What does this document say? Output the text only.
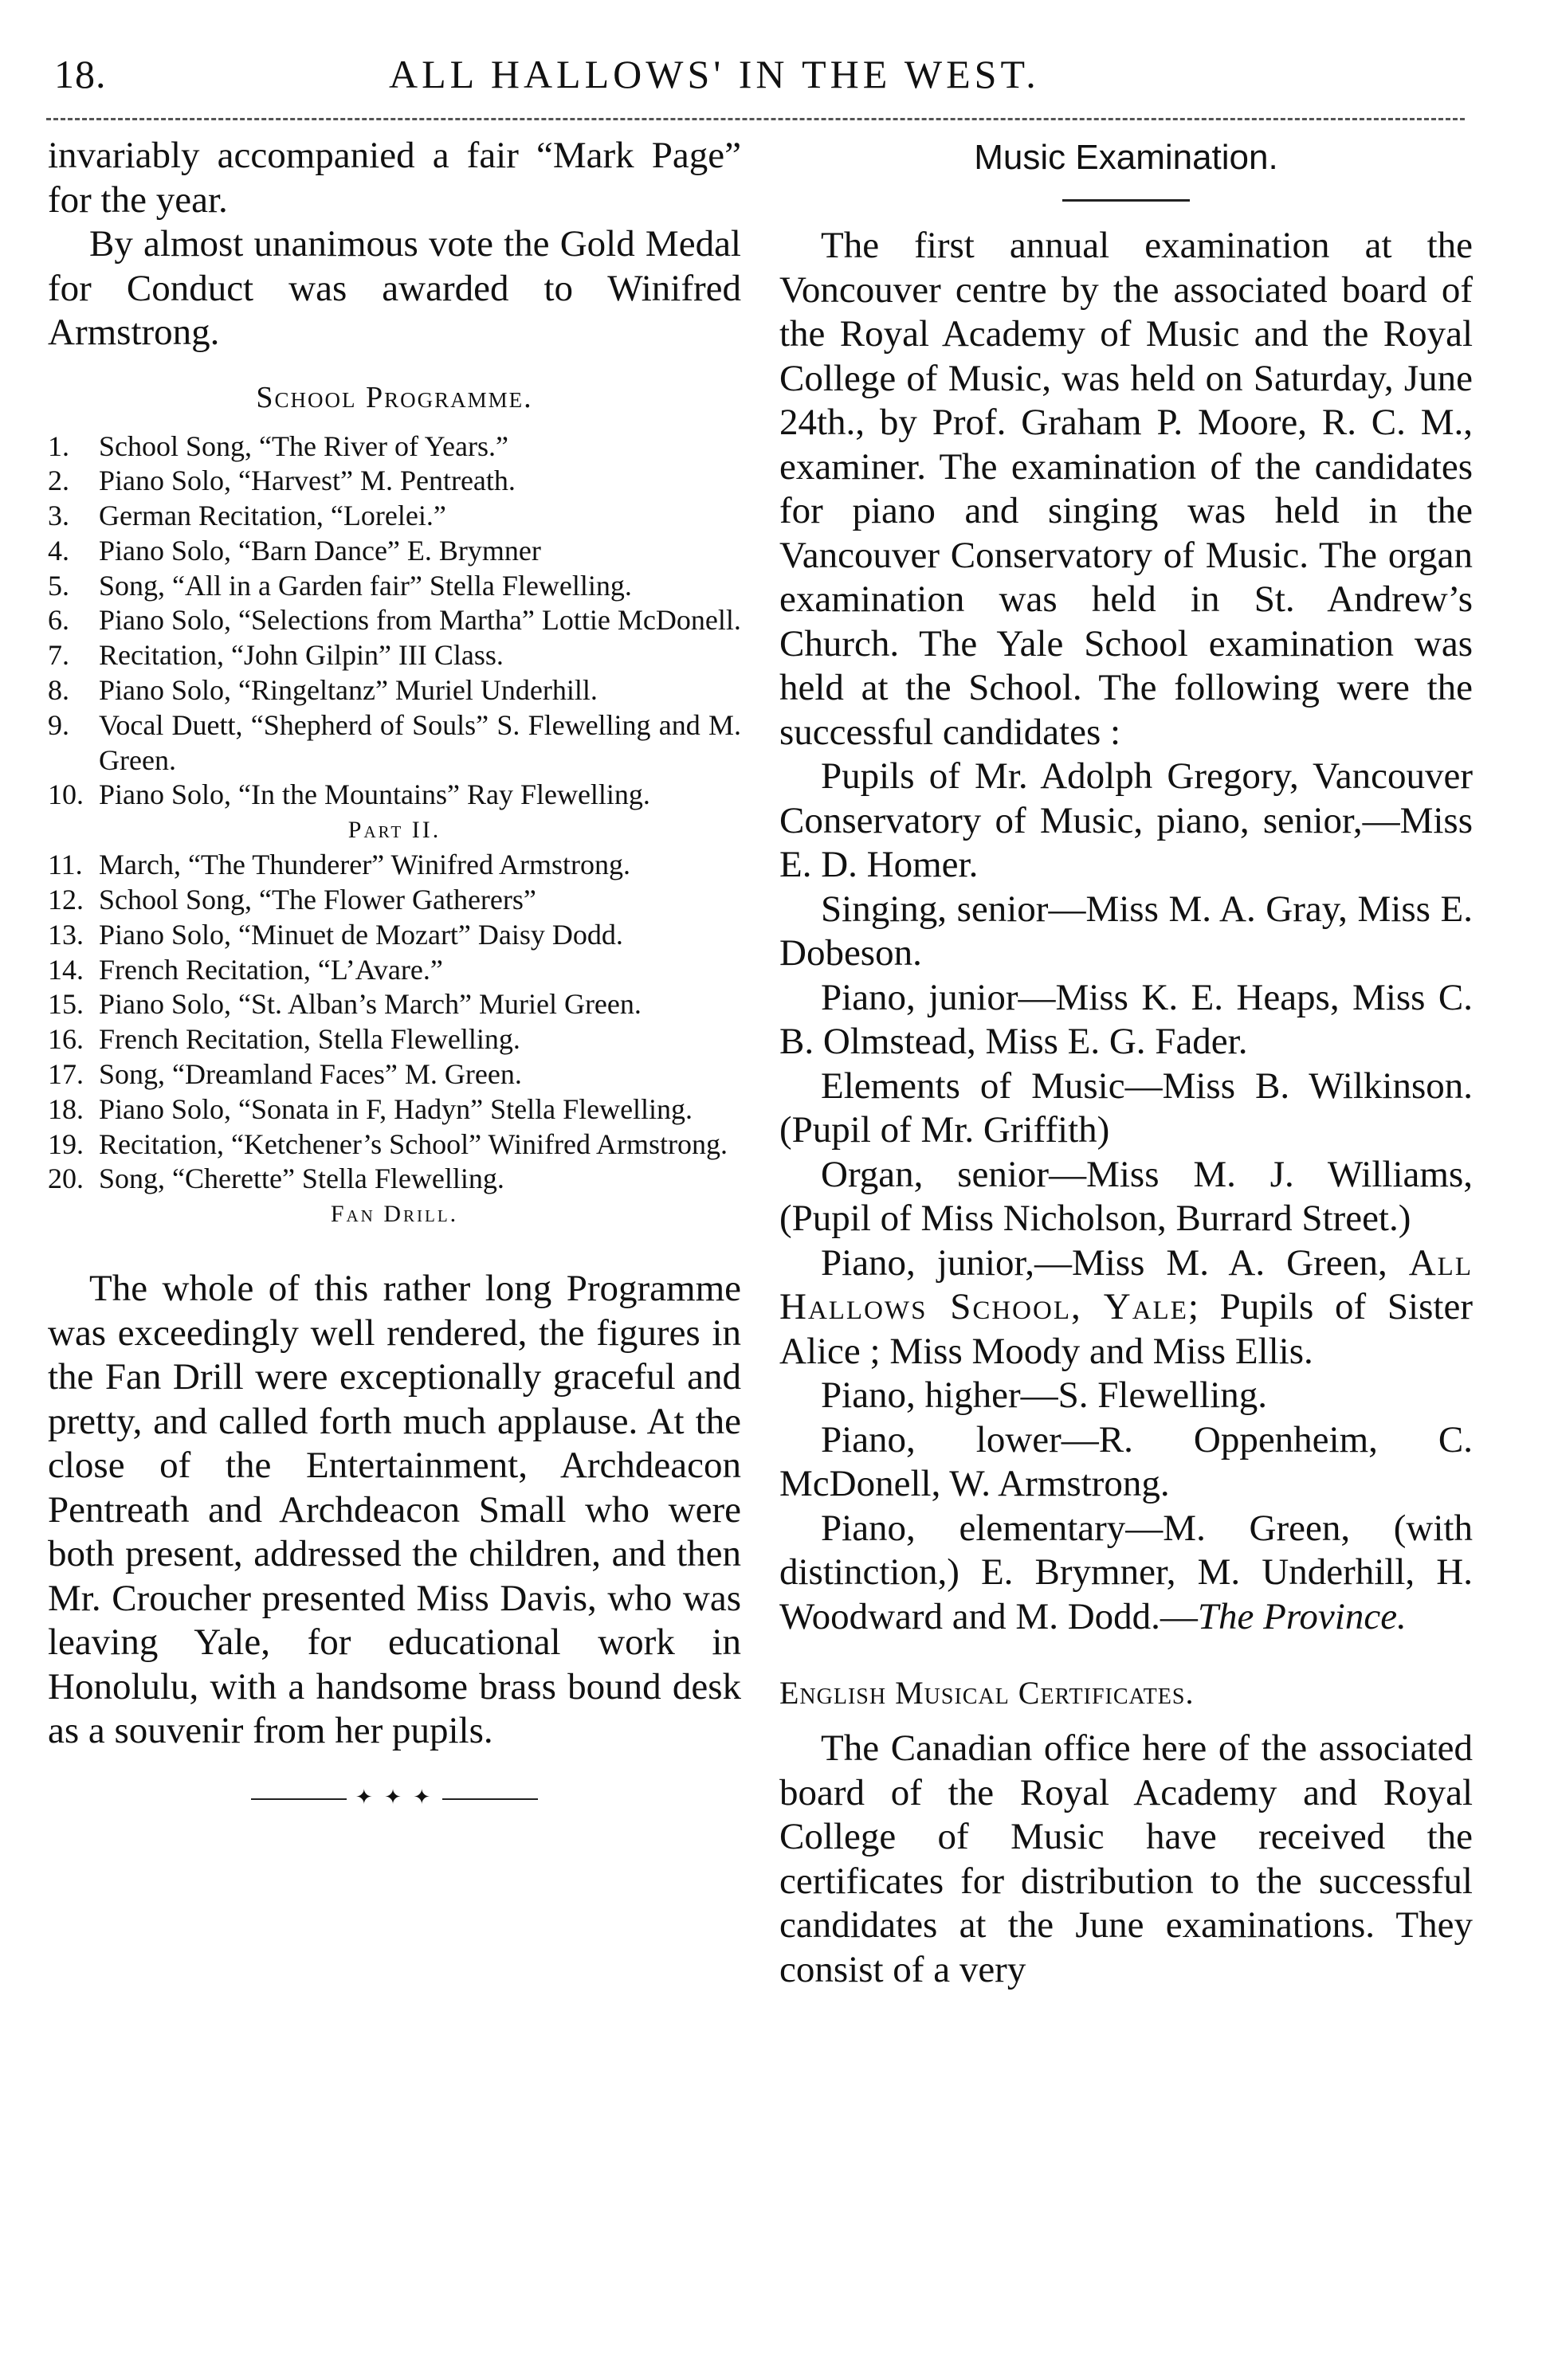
18.	ALL HALLOWS' IN THE WEST.

invariably accompanied a fair “Mark Page” for the year.

By almost unanimous vote the Gold Medal for Conduct was awarded to Winifred Armstrong.

School Programme.
1.	School Song, “The River of Years.”
2.	Piano Solo, “Harvest” M. Pentreath.
3.	German Recitation, “Lorelei.”
4.	Piano Solo, “Barn Dance” E. Brymner
5.	Song, “All in a Garden fair” Stella Flewelling.
6.	Piano Solo, “Selections from Martha” Lottie McDonell.
7.	Recitation, “John Gilpin” III Class.
8.	Piano Solo, “Ringeltanz” Muriel Underhill.
9.	Vocal Duett, “Shepherd of Souls” S. Flewelling and M. Green.
10. Piano Solo, “In the Mountains” Ray Flewelling.
Part II.
11. March, “The Thunderer” Winifred Armstrong.
12. School Song, “The Flower Gatherers”
13. Piano Solo, “Minuet de Mozart” Daisy Dodd.
14. French Recitation, “L’Avare.”
15. Piano Solo, “St. Alban’s March” Muriel Green.
16. French Recitation, Stella Flewelling.
17. Song, “Dreamland Faces” M. Green.
18. Piano Solo, “Sonata in F, Hadyn” Stella Flewelling.
19. Recitation, “Ketchener’s School” Winifred Armstrong.
20. Song, “Cherette” Stella Flewelling.
Fan Drill.

The whole of this rather long Programme was exceedingly well rendered, the figures in the Fan Drill were exceptionally graceful and pretty, and called forth much applause. At the close of the Entertainment, Archdeacon Pentreath and Archdeacon Small who were both present, addressed the children, and then Mr. Croucher presented Miss Davis, who was leaving Yale, for educational work in Honolulu, with a handsome brass bound desk as a souvenir from her pupils.

✦ ✦ ✦
Music Examination.

The first annual examination at the Voncouver centre by the associated board of the Royal Academy of Music and the Royal College of Music, was held on Saturday, June 24th., by Prof. Graham P. Moore, R. C. M., examiner. The examination of the candidates for piano and singing was held in the Vancouver Conservatory of Music. The organ examination was held in St. Andrew’s Church. The Yale School examination was held at the School. The following were the successful candidates :

Pupils of Mr. Adolph Gregory, Vancouver Conservatory of Music, piano, senior,—Miss E. D. Homer.

Singing, senior—Miss M. A. Gray, Miss E. Dobeson.

Piano, junior—Miss K. E. Heaps, Miss C. B. Olmstead, Miss E. G. Fader.

Elements of Music—Miss B. Wilkinson. (Pupil of Mr. Griffith)

Organ, senior—Miss M. J. Williams, (Pupil of Miss Nicholson, Burrard Street.)

Piano, junior,—Miss M. A. Green, All Hallows School, Yale; Pupils of Sister Alice ; Miss Moody and Miss Ellis.

Piano, higher—S. Flewelling.

Piano, lower—R. Oppenheim, C. McDonell, W. Armstrong.

Piano, elementary—M. Green, (with distinction,) E. Brymner, M. Underhill, H. Woodward and M. Dodd.—The Province.

English Musical Certificates.

The Canadian office here of the associated board of the Royal Academy and Royal College of Music have received the certificates for distribution to the successful candidates at the June examinations. They consist of a very
